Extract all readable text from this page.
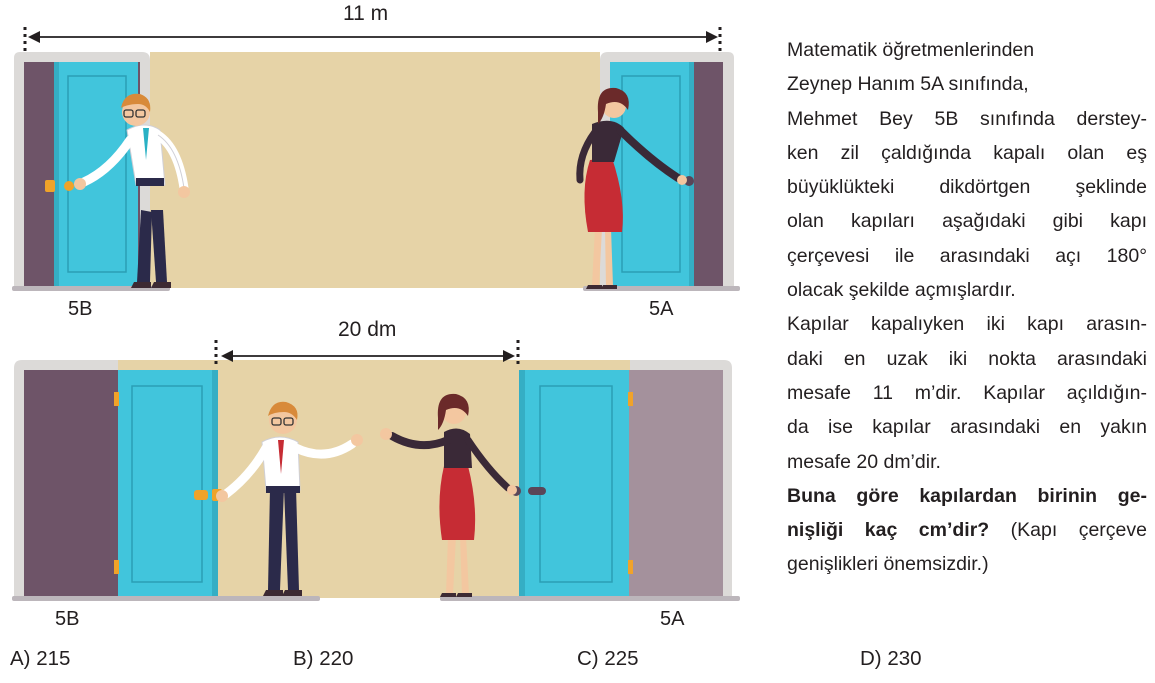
11 m
5B	5A
20 dm
5B	5A
Matematik öğretmenlerinden
Zeynep Hanım 5A sınıfında,
Mehmet Bey 5B sınıfında derstey-
ken zil çaldığında kapalı olan eş
büyüklükteki dikdörtgen şeklinde
olan kapıları aşağıdaki gibi kapı
çerçevesi ile arasındaki açı 180°
olacak şekilde açmışlardır.
Kapılar kapalıyken iki kapı arasın-
daki en uzak iki nokta arasındaki
mesafe 11 m’dir. Kapılar açıldığın-
da ise kapılar arasındaki en yakın
mesafe 20 dm’dir.
Buna göre kapılardan birinin ge-
nişliği kaç cm’dir? (Kapı çerçeve
genişlikleri önemsizdir.)
A) 215	B) 220	C) 225	D) 230
